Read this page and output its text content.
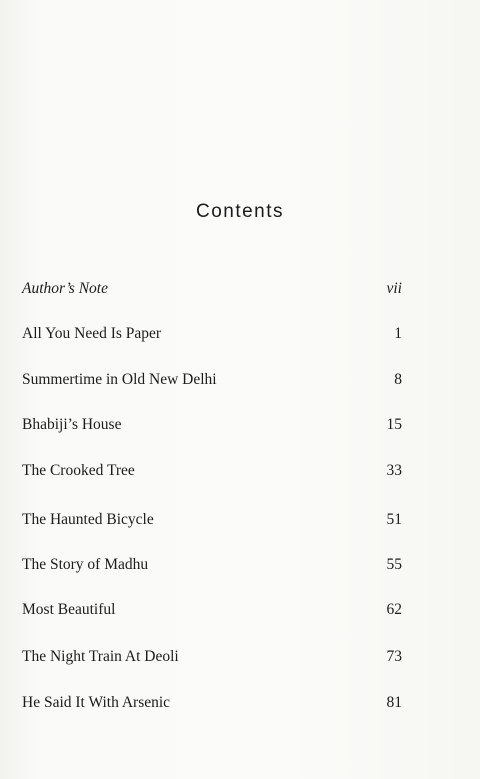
Contents
Author’s Note	vii
All You Need Is Paper	1
Summertime in Old New Delhi	8
Bhabiji’s House	15
The Crooked Tree	33
The Haunted Bicycle	51
The Story of Madhu	55
Most Beautiful	62
The Night Train At Deoli	73
He Said It With Arsenic	81
